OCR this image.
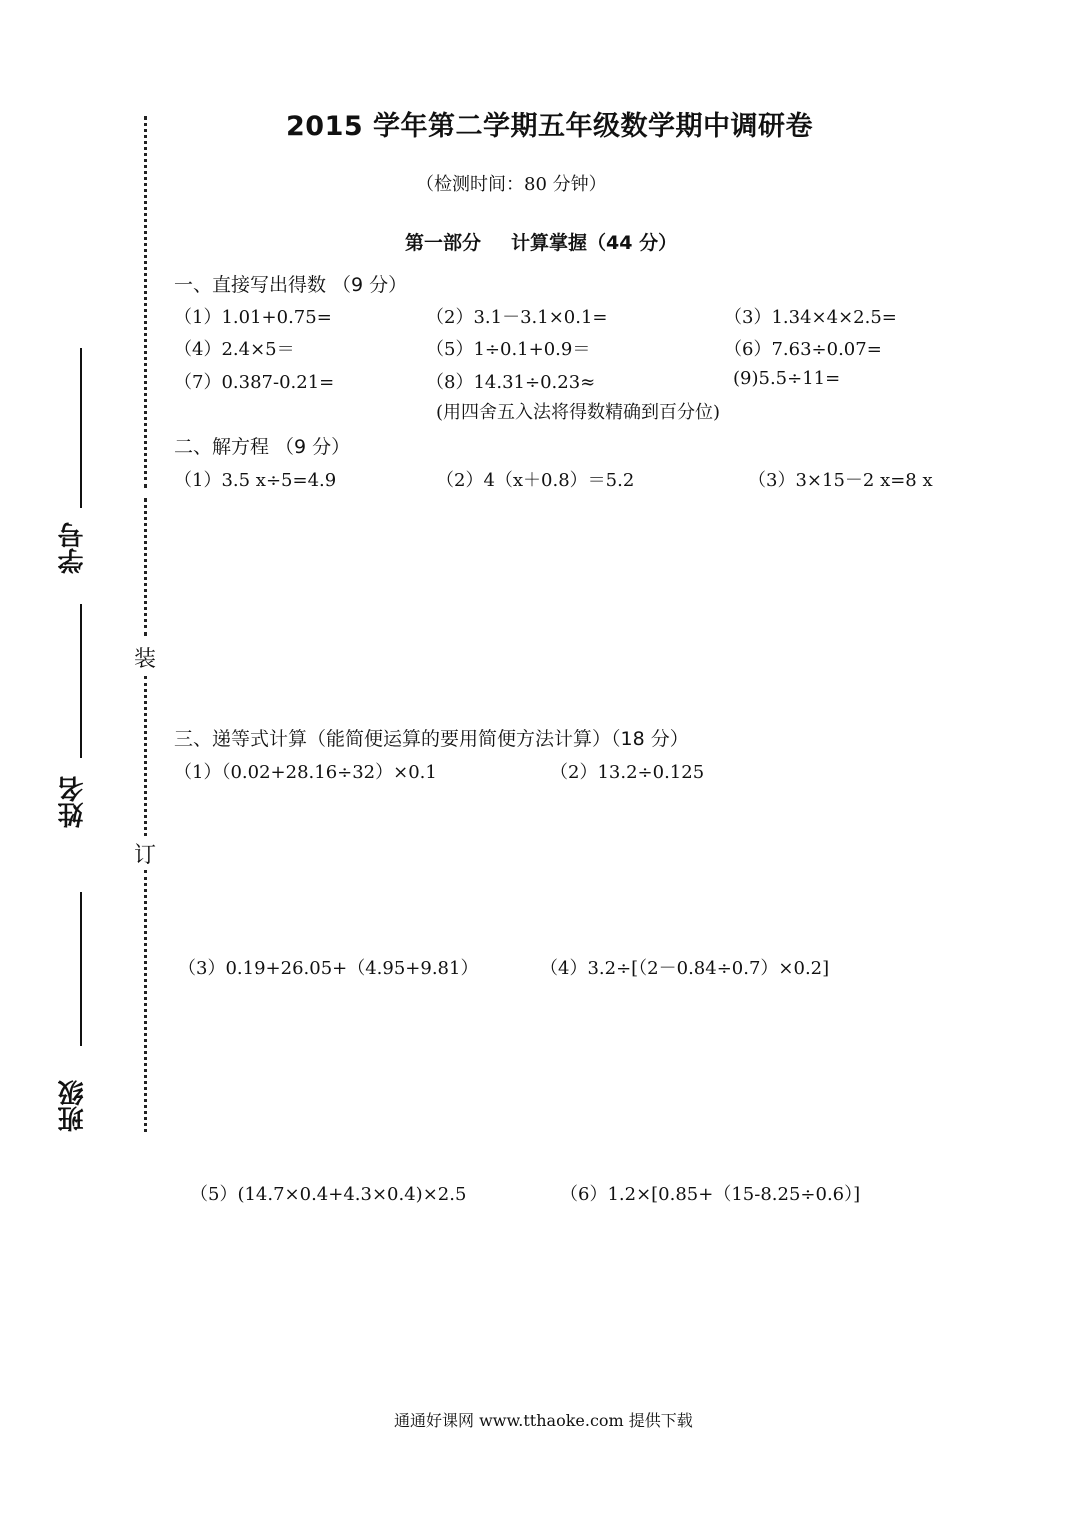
装
订
学号
姓名
班级
2015 学年第二学期五年级数学期中调研卷
（检测时间：80 分钟）
第一部分 计算掌握（44 分）
一、直接写出得数 （9 分）
（1）1.01+0.75=	（2）3.1－3.1×0.1=	（3）1.34×4×2.5=
（4）2.4×5＝	（5）1÷0.1+0.9＝	（6）7.63÷0.07=
（7）0.387-0.21=	（8）14.31÷0.23≈	(9)5.5÷11=
(用四舍五入法将得数精确到百分位)
二、解方程 （9 分）
（1）3.5 x÷5=4.9	（2）4（x＋0.8）＝5.2	（3）3×15－2 x=8 x
三、递等式计算（能简便运算的要用简便方法计算）（18 分）
（1）（0.02+28.16÷32）×0.1	（2）13.2÷0.125
（3）0.19+26.05+（4.95+9.81）	（4）3.2÷[（2－0.84÷0.7）×0.2]
（5）(14.7×0.4+4.3×0.4)×2.5	（6）1.2×[0.85+（15-8.25÷0.6）]
通通好课网 www.tthaoke.com 提供下载
